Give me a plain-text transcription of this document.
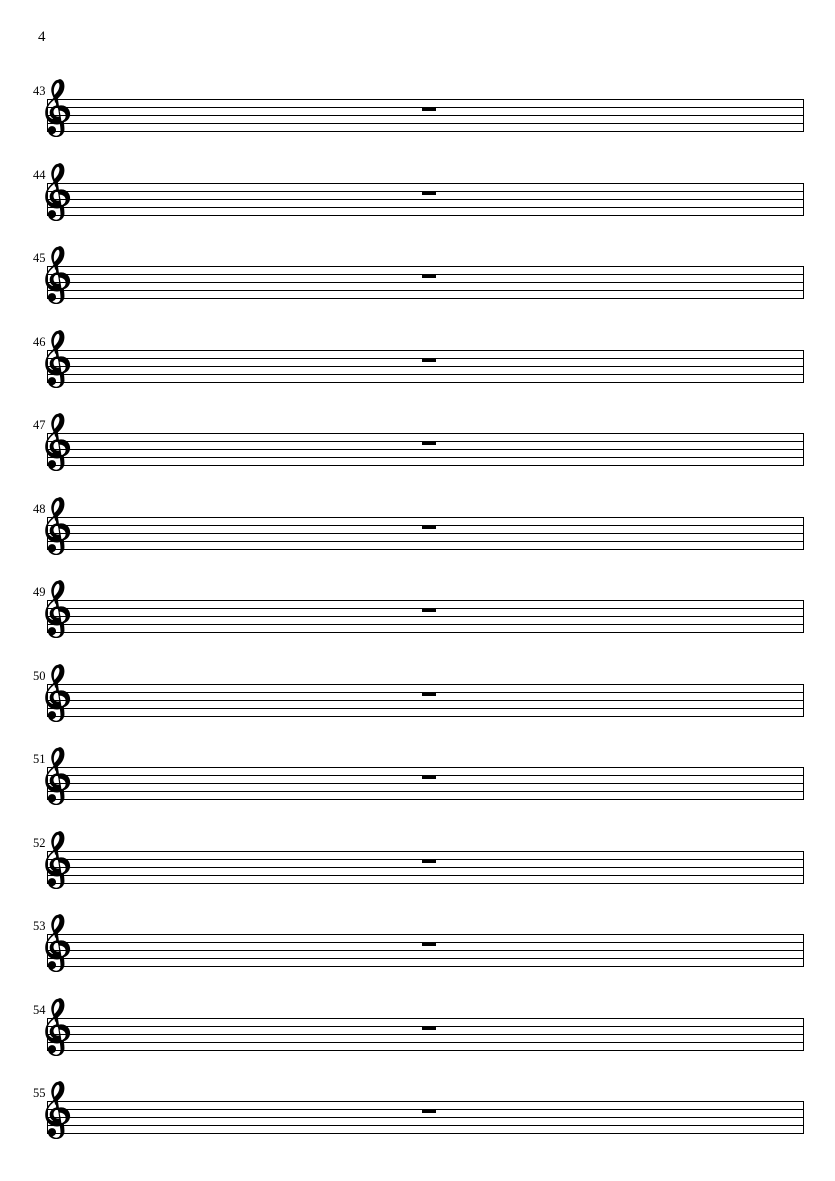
4
43
44
45
46
47
48
49
50
51
52
53
54
55
